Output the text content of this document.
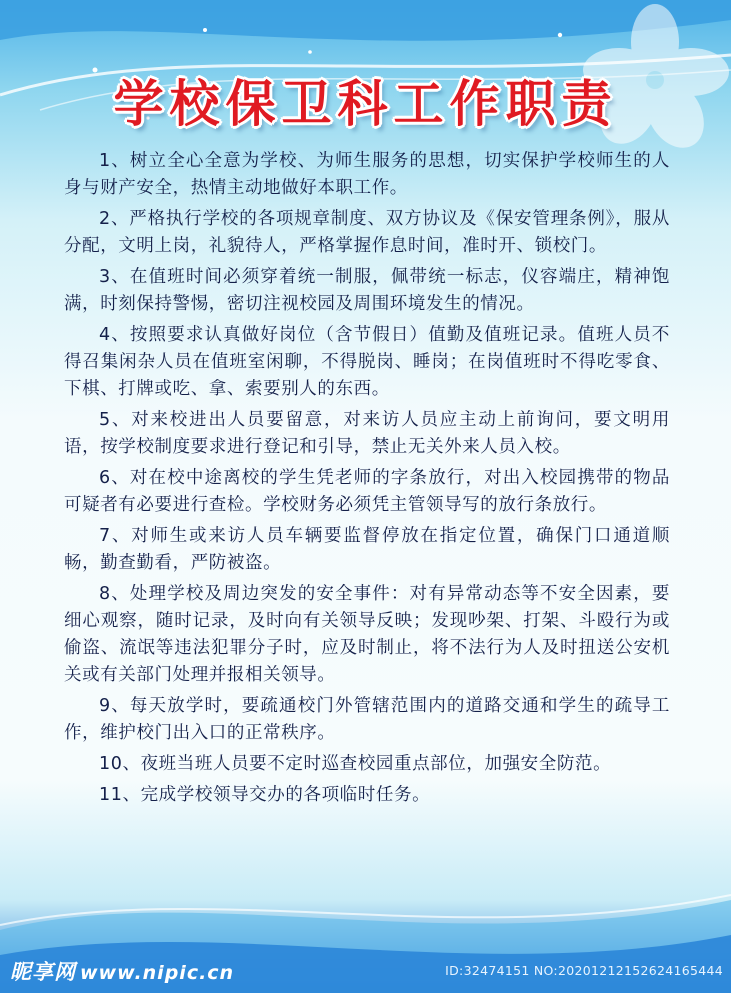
学校保卫科工作职责

1、树立全心全意为学校、为师生服务的思想，切实保护学校师生的人身与财产安全，热情主动地做好本职工作。

2、严格执行学校的各项规章制度、双方协议及《保安管理条例》，服从分配，文明上岗，礼貌待人，严格掌握作息时间，准时开、锁校门。

3、在值班时间必须穿着统一制服，佩带统一标志，仪容端庄，精神饱满，时刻保持警惕，密切注视校园及周围环境发生的情况。

4、按照要求认真做好岗位（含节假日）值勤及值班记录。值班人员不得召集闲杂人员在值班室闲聊，不得脱岗、睡岗；在岗值班时不得吃零食、下棋、打牌或吃、拿、索要别人的东西。

5、对来校进出人员要留意，对来访人员应主动上前询问，要文明用语，按学校制度要求进行登记和引导，禁止无关外来人员入校。

6、对在校中途离校的学生凭老师的字条放行，对出入校园携带的物品可疑者有必要进行查检。学校财务必须凭主管领导写的放行条放行。

7、对师生或来访人员车辆要监督停放在指定位置，确保门口通道顺畅，勤查勤看，严防被盗。

8、处理学校及周边突发的安全事件：对有异常动态等不安全因素，要细心观察，随时记录，及时向有关领导反映；发现吵架、打架、斗殴行为或偷盗、流氓等违法犯罪分子时，应及时制止，将不法行为人及时扭送公安机关或有关部门处理并报相关领导。

9、每天放学时，要疏通校门外管辖范围内的道路交通和学生的疏导工作，维护校门出入口的正常秩序。

10、夜班当班人员要不定时巡查校园重点部位，加强安全防范。

11、完成学校领导交办的各项临时任务。

昵享网 www.nipic.cn	ID:32474151 NO:20201212152624165444
